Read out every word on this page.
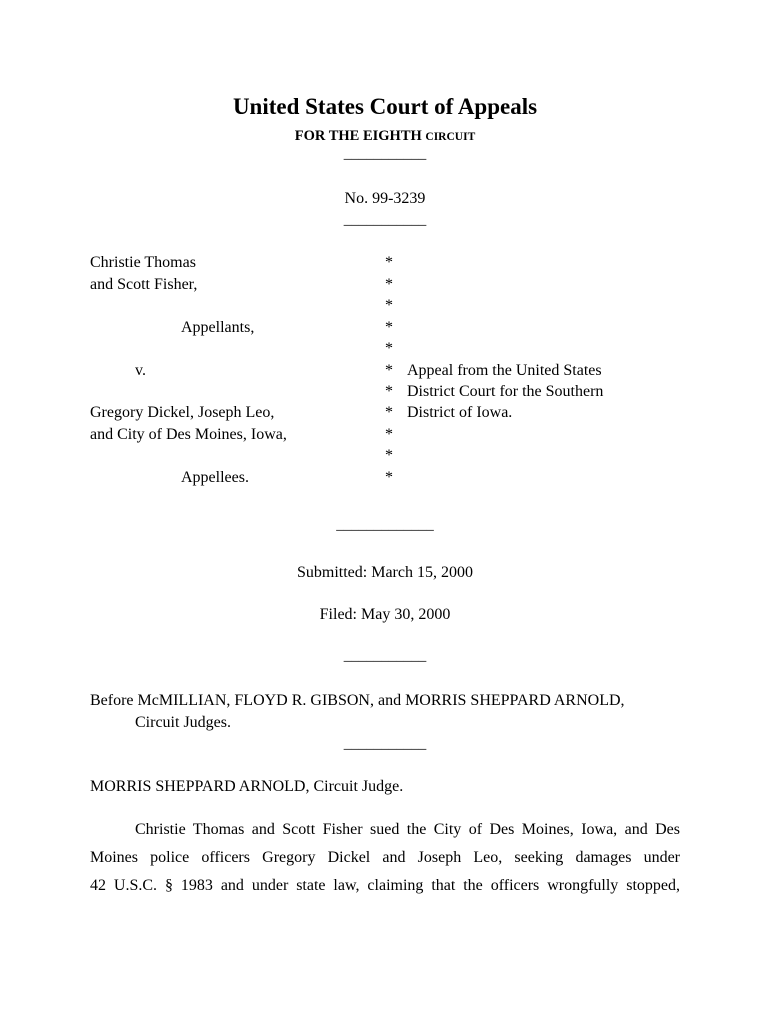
United States Court of Appeals
FOR THE EIGHTH CIRCUIT
___________
No. 99-3239
___________
Christie Thomas
and Scott Fisher,
Appellants,
v.
Gregory Dickel, Joseph Leo,
and City of Des Moines, Iowa,
Appellees.
*
*
*
*
*
*
*
*
*
*
*
Appeal from the United States
District Court for the Southern
District of Iowa.
_____________
Submitted: March 15, 2000
Filed: May 30, 2000
___________
Before McMILLIAN, FLOYD R. GIBSON, and MORRIS SHEPPARD ARNOLD,
Circuit Judges.
___________
MORRIS SHEPPARD ARNOLD, Circuit Judge.
Christie Thomas and Scott Fisher sued the City of Des Moines, Iowa, and Des
Moines police officers Gregory Dickel and Joseph Leo, seeking damages under
42 U.S.C. § 1983 and under state law, claiming that the officers wrongfully stopped,
